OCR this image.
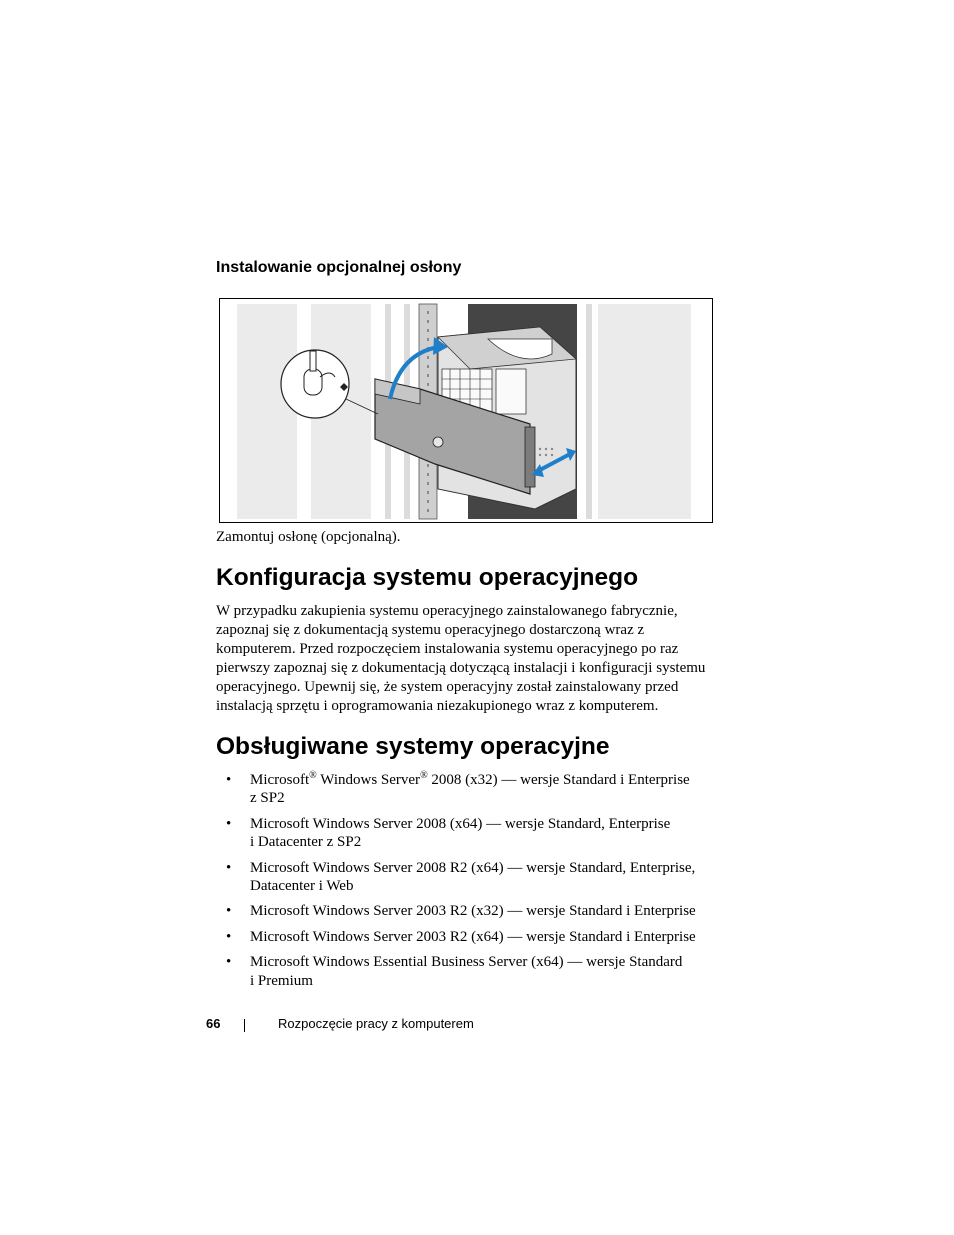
Instalowanie opcjonalnej osłony

Zamontuj osłonę (opcjonalną).

Konfiguracja systemu operacyjnego

W przypadku zakupienia systemu operacyjnego zainstalowanego fabrycznie,
zapoznaj się z dokumentacją systemu operacyjnego dostarczoną wraz z
komputerem. Przed rozpoczęciem instalowania systemu operacyjnego po raz
pierwszy zapoznaj się z dokumentacją dotyczącą instalacji i konfiguracji systemu
operacyjnego. Upewnij się, że system operacyjny został zainstalowany przed
instalacją sprzętu i oprogramowania niezakupionego wraz z komputerem.

Obsługiwane systemy operacyjne
• Microsoft® Windows Server® 2008 (x32) — wersje Standard i Enterprise
z SP2
• Microsoft Windows Server 2008 (x64) — wersje Standard, Enterprise
i Datacenter z SP2
• Microsoft Windows Server 2008 R2 (x64) — wersje Standard, Enterprise,
Datacenter i Web
• Microsoft Windows Server 2003 R2 (x32) — wersje Standard i Enterprise
• Microsoft Windows Server 2003 R2 (x64) — wersje Standard i Enterprise
• Microsoft Windows Essential Business Server (x64) — wersje Standard
i Premium
66	Rozpoczęcie pracy z komputerem
